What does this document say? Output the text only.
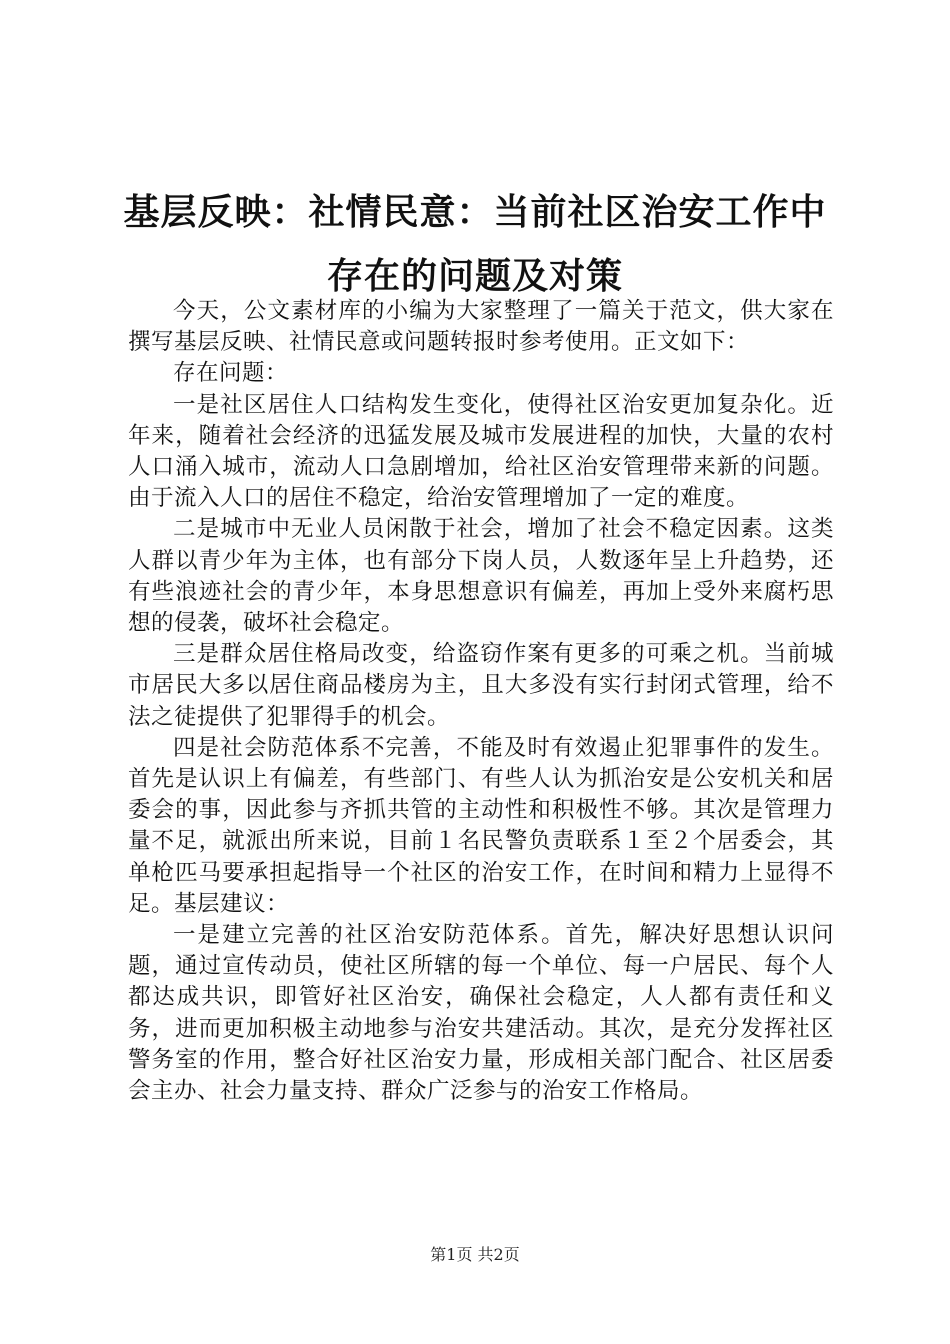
基层反映：社情民意：当前社区治安工作中存在的问题及对策

今天，公文素材库的小编为大家整理了一篇关于范文，供大家在撰写基层反映、社情民意或问题转报时参考使用。正文如下：

存在问题：

一是社区居住人口结构发生变化，使得社区治安更加复杂化。近年来，随着社会经济的迅猛发展及城市发展进程的加快，大量的农村人口涌入城市，流动人口急剧增加，给社区治安管理带来新的问题。由于流入人口的居住不稳定，给治安管理增加了一定的难度。

二是城市中无业人员闲散于社会，增加了社会不稳定因素。这类人群以青少年为主体，也有部分下岗人员，人数逐年呈上升趋势，还有些浪迹社会的青少年，本身思想意识有偏差，再加上受外来腐朽思想的侵袭，破坏社会稳定。

三是群众居住格局改变，给盗窃作案有更多的可乘之机。当前城市居民大多以居住商品楼房为主，且大多没有实行封闭式管理，给不法之徒提供了犯罪得手的机会。

四是社会防范体系不完善，不能及时有效遏止犯罪事件的发生。首先是认识上有偏差，有些部门、有些人认为抓治安是公安机关和居委会的事，因此参与齐抓共管的主动性和积极性不够。其次是管理力量不足，就派出所来说，目前１名民警负责联系１至２个居委会，其单枪匹马要承担起指导一个社区的治安工作，在时间和精力上显得不足。基层建议：

一是建立完善的社区治安防范体系。首先，解决好思想认识问题，通过宣传动员，使社区所辖的每一个单位、每一户居民、每个人都达成共识，即管好社区治安，确保社会稳定，人人都有责任和义务，进而更加积极主动地参与治安共建活动。其次，是充分发挥社区警务室的作用，整合好社区治安力量，形成相关部门配合、社区居委会主办、社会力量支持、群众广泛参与的治安工作格局。

第1页 共2页
